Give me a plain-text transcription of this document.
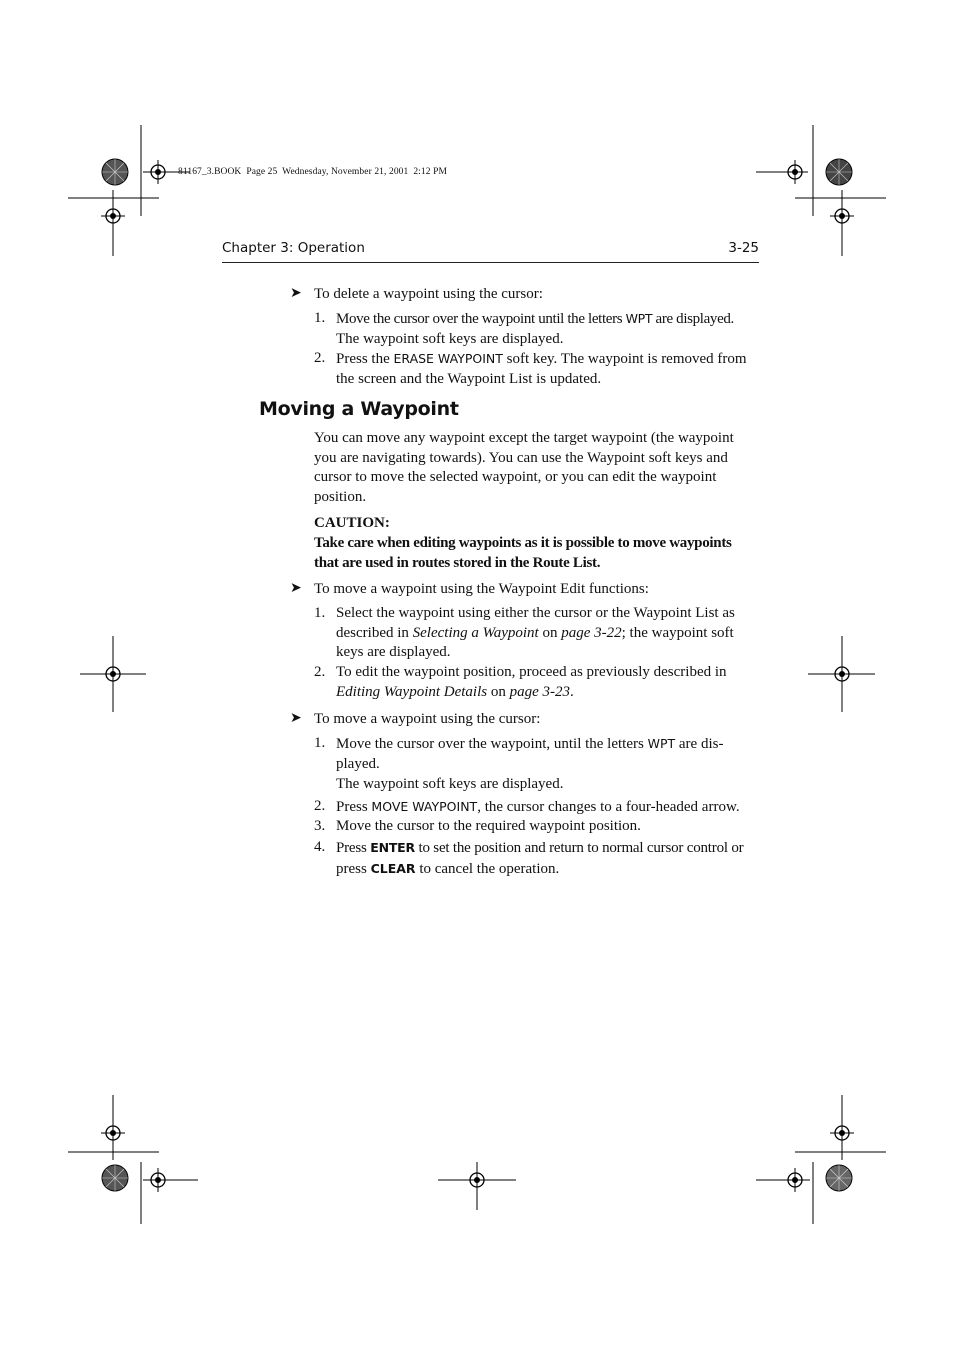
81167_3.BOOK  Page 25  Wednesday, November 21, 2001  2:12 PM
Chapter 3: Operation	3-25
➤ To delete a waypoint using the cursor:
1. Move the cursor over the waypoint until the letters WPT are displayed.
The waypoint soft keys are displayed.
2. Press the ERASE WAYPOINT soft key. The waypoint is removed from
the screen and the Waypoint List is updated.
Moving a Waypoint
You can move any waypoint except the target waypoint (the waypoint
you are navigating towards). You can use the Waypoint soft keys and
cursor to move the selected waypoint, or you can edit the waypoint
position.
CAUTION:
Take care when editing waypoints as it is possible to move waypoints
that are used in routes stored in the Route List.
➤ To move a waypoint using the Waypoint Edit functions:
1. Select the waypoint using either the cursor or the Waypoint List as
described in Selecting a Waypoint on page 3-22; the waypoint soft
keys are displayed.
2. To edit the waypoint position, proceed as previously described in
Editing Waypoint Details on page 3-23.
➤ To move a waypoint using the cursor:
1. Move the cursor over the waypoint, until the letters WPT are dis-
played.
The waypoint soft keys are displayed.
2. Press MOVE WAYPOINT, the cursor changes to a four-headed arrow.
3. Move the cursor to the required waypoint position.
4. Press ENTER to set the position and return to normal cursor control or
press CLEAR to cancel the operation.
